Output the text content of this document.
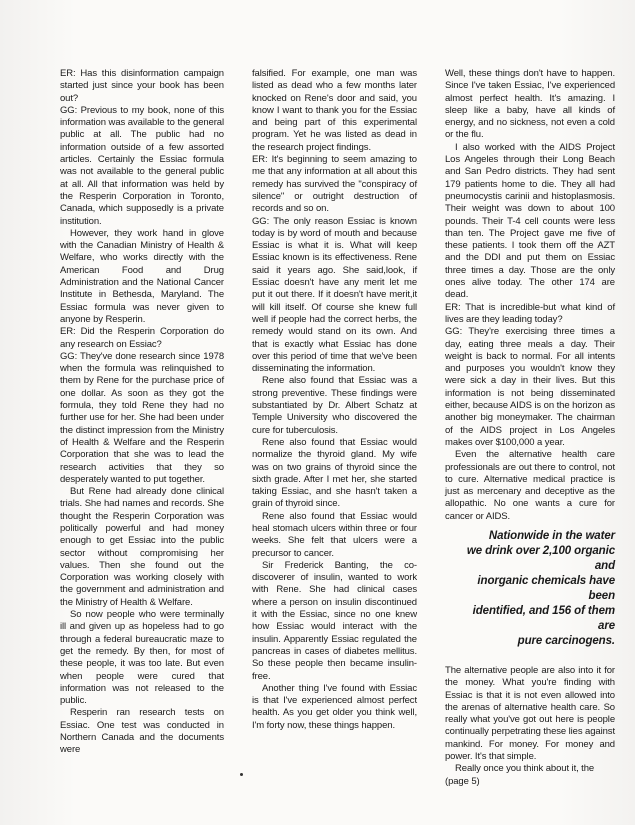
ER: Has this disinformation campaign started just since your book has been out?

GG: Previous to my book, none of this information was available to the general public at all. The public had no information outside of a few assorted articles. Certainly the Essiac formula was not available to the general public at all. All that information was held by the Resperin Corporation in Toronto, Canada, which supposedly is a private institution.

However, they work hand in glove with the Canadian Ministry of Health & Welfare, who works directly with the American Food and Drug Administration and the National Cancer Institute in Bethesda, Maryland. The Essiac formula was never given to anyone by Resperin.

ER: Did the Resperin Corporation do any research on Essiac?

GG: They've done research since 1978 when the formula was relinquished to them by Rene for the purchase price of one dollar. As soon as they got the formula, they told Rene they had no further use for her. She had been under the distinct impression from the Ministry of Health & Welfare and the Resperin Corporation that she was to lead the research activities that they so desperately wanted to put together.

But Rene had already done clinical trials. She had names and records. She thought the Resperin Corporation was politically powerful and had money enough to get Essiac into the public sector without compromising her values. Then she found out the Corporation was working closely with the government and administration and the Ministry of Health & Welfare.

So now people who were terminally ill and given up as hopeless had to go through a federal bureaucratic maze to get the remedy. By then, for most of these people, it was too late. But even when people were cured that information was not released to the public.

Resperin ran research tests on Essiac. One test was conducted in Northern Canada and the documents were

falsified. For example, one man was listed as dead who a few months later knocked on Rene's door and said, you know I want to thank you for the Essiac and being part of this experimental program. Yet he was listed as dead in the research project findings.

ER: It's beginning to seem amazing to me that any information at all about this remedy has survived the "conspiracy of silence" or outright destruction of records and so on.

GG: The only reason Essiac is known today is by word of mouth and because Essiac is what it is. What will keep Essiac known is its effectiveness. Rene said it years ago. She said,look, if Essiac doesn't have any merit let me put it out there. If it doesn't have merit,it will kill itself. Of course she knew full well if people had the correct herbs, the remedy would stand on its own. And that is exactly what Essiac has done over this period of time that we've been disseminating the information.

Rene also found that Essiac was a strong preventive. These findings were substantiated by Dr. Albert Schatz at Temple University who discovered the cure for tuberculosis.

Rene also found that Essiac would normalize the thyroid gland. My wife was on two grains of thyroid since the sixth grade. After I met her, she started taking Essiac, and she hasn't taken a grain of thyroid since.

Rene also found that Essiac would heal stomach ulcers within three or four weeks. She felt that ulcers were a precursor to cancer.

Sir Frederick Banting, the co-discoverer of insulin, wanted to work with Rene. She had clinical cases where a person on insulin discontinued it with the Essiac, since no one knew how Essiac would interact with the insulin. Apparently Essiac regulated the pancreas in cases of diabetes mellitus. So these people then became insulin-free.

Another thing I've found with Essiac is that I've experienced almost perfect health. As you get older you think well, I'm forty now, these things happen.

Well, these things don't have to happen. Since I've taken Essiac, I've experienced almost perfect health. It's amazing. I sleep like a baby, have all kinds of energy, and no sickness, not even a cold or the flu.

I also worked with the AIDS Project Los Angeles through their Long Beach and San Pedro districts. They had sent 179 patients home to die. They all had pneumocystis carinii and histoplasmosis. Their weight was down to about 100 pounds. Their T-4 cell counts were less than ten. The Project gave me five of these patients. I took them off the AZT and the DDI and put them on Essiac three times a day. Those are the only ones alive today. The other 174 are dead.

ER: That is incredible-but what kind of lives are they leading today?

GG: They're exercising three times a day, eating three meals a day. Their weight is back to normal. For all intents and purposes you wouldn't know they were sick a day in their lives. But this information is not being disseminated either, because AIDS is on the horizon as another big moneymaker. The chairman of the AIDS project in Los Angeles makes over $100,000 a year.

Even the alternative health care professionals are out there to control, not to cure. Alternative medical practice is just as mercenary and deceptive as the allopathic. No one wants a cure for cancer or AIDS.

Nationwide in the water
we drink over 2,100 organic and
inorganic chemicals have been
identified, and 156 of them are
pure carcinogens.

The alternative people are also into it for the money. What you're finding with Essiac is that it is not even allowed into the arenas of alternative health care. So really what you've got out here is people continually perpetrating these lies against mankind. For money. For money and power. It's that simple.

Really once you think about it, the

(page 5)
